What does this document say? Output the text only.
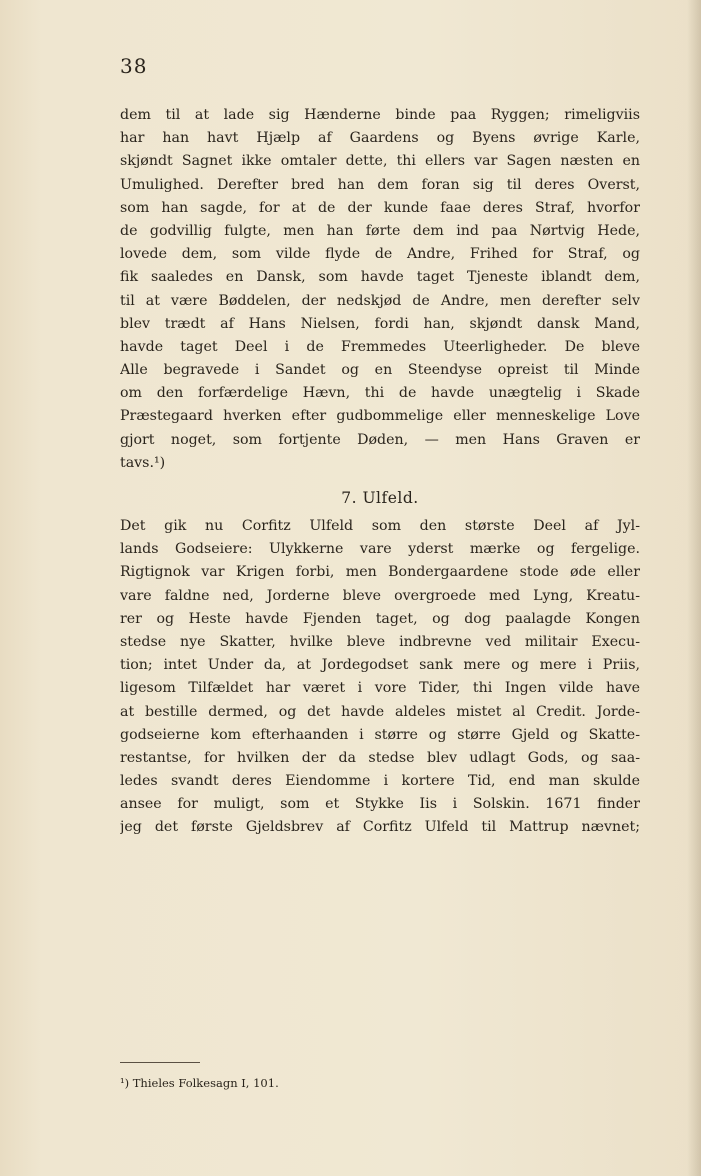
38
dem til at lade sig Hænderne binde paa Ryggen; rimeligviis
har han havt Hjælp af Gaardens og Byens øvrige Karle,
skjøndt Sagnet ikke omtaler dette, thi ellers var Sagen næsten en
Umulighed. Derefter bred han dem foran sig til deres Overst,
som han sagde, for at de der kunde faae deres Straf, hvorfor
de godvillig fulgte, men han førte dem ind paa Nørtvig Hede,
lovede dem, som vilde flyde de Andre, Frihed for Straf, og
fik saaledes en Dansk, som havde taget Tjeneste iblandt dem,
til at være Bøddelen, der nedskjød de Andre, men derefter selv
blev trædt af Hans Nielsen, fordi han, skjøndt dansk Mand,
havde taget Deel i de Fremmedes Uteerligheder. De bleve
Alle begravede i Sandet og en Steendyse opreist til Minde
om den forfærdelige Hævn, thi de havde unægtelig i Skade
Præstegaard hverken efter gudbommelige eller menneskelige Love
gjort noget, som fortjente Døden, — men Hans Graven er
tavs.¹)
7. Ulfeld.
Det gik nu Corfitz Ulfeld som den største Deel af Jyl-
lands Godseiere: Ulykkerne vare yderst mærke og fergelige.
Rigtignok var Krigen forbi, men Bondergaardene stode øde eller
vare faldne ned, Jorderne bleve overgroede med Lyng, Kreatu-
rer og Heste havde Fjenden taget, og dog paalagde Kongen
stedse nye Skatter, hvilke bleve indbrevne ved militair Execu-
tion; intet Under da, at Jordegodset sank mere og mere i Priis,
ligesom Tilfældet har været i vore Tider, thi Ingen vilde have
at bestille dermed, og det havde aldeles mistet al Credit. Jorde-
godseierne kom efterhaanden i større og større Gjeld og Skatte-
restantse, for hvilken der da stedse blev udlagt Gods, og saa-
ledes svandt deres Eiendomme i kortere Tid, end man skulde
ansee for muligt, som et Stykke Iis i Solskin. 1671 finder
jeg det første Gjeldsbrev af Corfitz Ulfeld til Mattrup nævnet;
¹) Thieles Folkesagn I, 101.
